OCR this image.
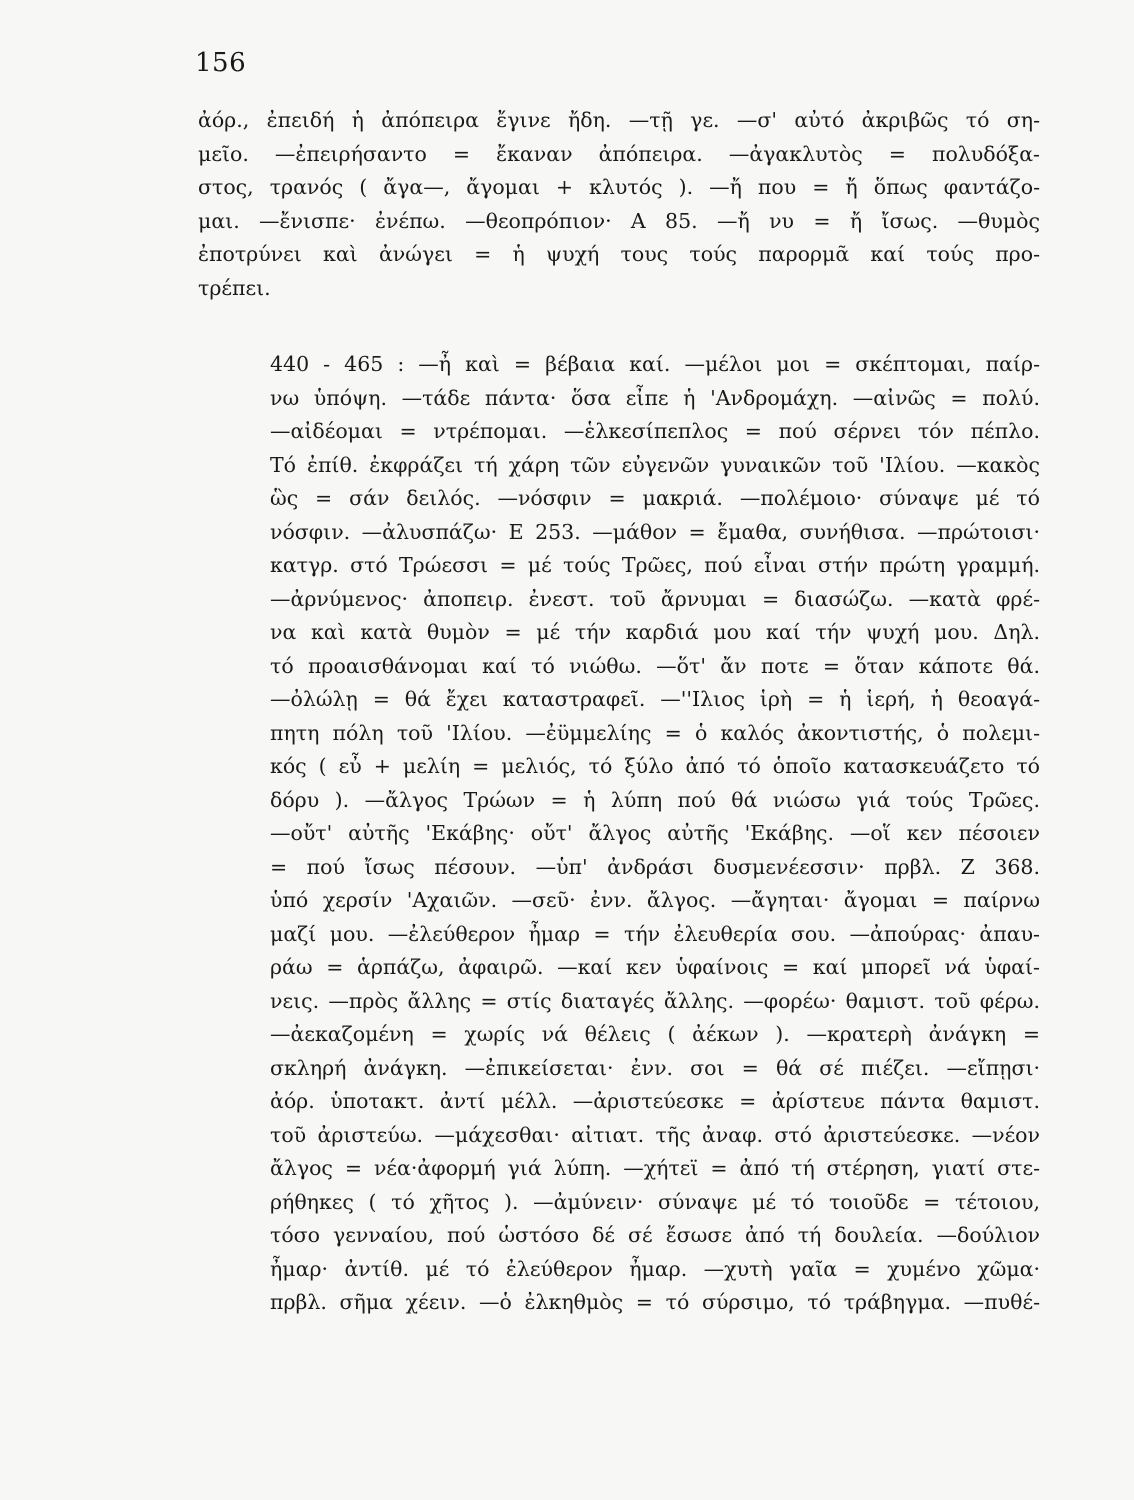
156
ἀόρ., ἐπειδή ἡ ἀπόπειρα ἔγινε ἤδη. —τῇ γε. —σ' αὐτό ἀκριβῶς τό ση-
μεῖο. —ἐπειρήσαντο = ἔκαναν ἀπόπειρα. —ἀγακλυτὸς = πολυδόξα-
στος, τρανός ( ἄγα—, ἄγομαι + κλυτός ). —ἤ που = ἤ ὅπως φαντάζο-
μαι. —ἔνισπε· ἐνέπω. —θεοπρόπιον· Α 85. —ἤ νυ = ἤ ἴσως. —θυμὸς
ἐποτρύνει καὶ ἀνώγει = ἡ ψυχή τους τούς παρορμᾶ καί τούς προ-
τρέπει.
440 - 465 : —ἦ καὶ = βέβαια καί. —μέλοι μοι = σκέπτομαι, παίρ-
νω ὑπόψη. —τάδε πάντα· ὅσα εἶπε ἡ 'Ανδρομάχη. —αἰνῶς = πολύ.
—αἰδέομαι = ντρέπομαι. —ἑλκεσίπεπλος = πού σέρνει τόν πέπλο.
Τό ἐπίθ. ἐκφράζει τή χάρη τῶν εὐγενῶν γυναικῶν τοῦ 'Ιλίου. —κακὸς
ὣς = σάν δειλός. —νόσφιν = μακριά. —πολέμοιο· σύναψε μέ τό
νόσφιν. —ἀλυσπάζω· Ε 253. —μάθον = ἔμαθα, συνήθισα. —πρώτοισι·
κατγρ. στό Τρώεσσι = μέ τούς Τρῶες, πού εἶναι στήν πρώτη γραμμή.
—ἀρνύμενος· ἀποπειρ. ἐνεστ. τοῦ ἄρνυμαι = διασώζω. —κατὰ φρέ-
να καὶ κατὰ θυμὸν = μέ τήν καρδιά μου καί τήν ψυχή μου. Δηλ.
τό προαισθάνομαι καί τό νιώθω. —ὅτ' ἄν ποτε = ὅταν κάποτε θά.
—ὀλώλῃ = θά ἔχει καταστραφεῖ. —''Ιλιος ἱρὴ = ἡ ἱερή, ἡ θεοαγά-
πητη πόλη τοῦ 'Ιλίου. —ἐϋμμελίης = ὁ καλός ἀκοντιστής, ὁ πολεμι-
κός ( εὖ + μελίη = μελιός, τό ξύλο ἀπό τό ὁποῖο κατασκευάζετο τό
δόρυ ). —ἄλγος Τρώων = ἡ λύπη πού θά νιώσω γιά τούς Τρῶες.
—οὔτ' αὐτῆς 'Εκάβης· οὔτ' ἄλγος αὐτῆς 'Εκάβης. —οἵ κεν πέσοιεν
= πού ἴσως πέσουν. —ὑπ' ἀνδράσι δυσμενέεσσιν· πρβλ. Ζ 368.
ὑπό χερσίν 'Αχαιῶν. —σεῦ· ἐνν. ἄλγος. —ἄγηται· ἄγομαι = παίρνω
μαζί μου. —ἐλεύθερον ἦμαρ = τήν ἐλευθερία σου. —ἀπούρας· ἀπαυ-
ράω = ἁρπάζω, ἀφαιρῶ. —καί κεν ὑφαίνοις = καί μπορεῖ νά ὑφαί-
νεις. —πρὸς ἄλλης = στίς διαταγές ἄλλης. —φορέω· θαμιστ. τοῦ φέρω.
—ἀεκαζομένη = χωρίς νά θέλεις ( ἀέκων ). —κρατερὴ ἀνάγκη =
σκληρή ἀνάγκη. —ἐπικείσεται· ἐνν. σοι = θά σέ πιέζει. —εἴπῃσι·
ἀόρ. ὑποτακτ. ἀντί μέλλ. —ἀριστεύεσκε = ἀρίστευε πάντα θαμιστ.
τοῦ ἀριστεύω. —μάχεσθαι· αἰτιατ. τῆς ἀναφ. στό ἀριστεύεσκε. —νέον
ἄλγος = νέα·ἀφορμή γιά λύπη. —χήτεϊ = ἀπό τή στέρηση, γιατί στε-
ρήθηκες ( τό χῆτος ). —ἀμύνειν· σύναψε μέ τό τοιοῦδε = τέτοιου,
τόσο γενναίου, πού ὡστόσο δέ σέ ἔσωσε ἀπό τή δουλεία. —δούλιον
ἦμαρ· ἀντίθ. μέ τό ἐλεύθερον ἦμαρ. —χυτὴ γαῖα = χυμένο χῶμα·
πρβλ. σῆμα χέειν. —ὁ ἐλκηθμὸς = τό σύρσιμο, τό τράβηγμα. —πυθέ-
